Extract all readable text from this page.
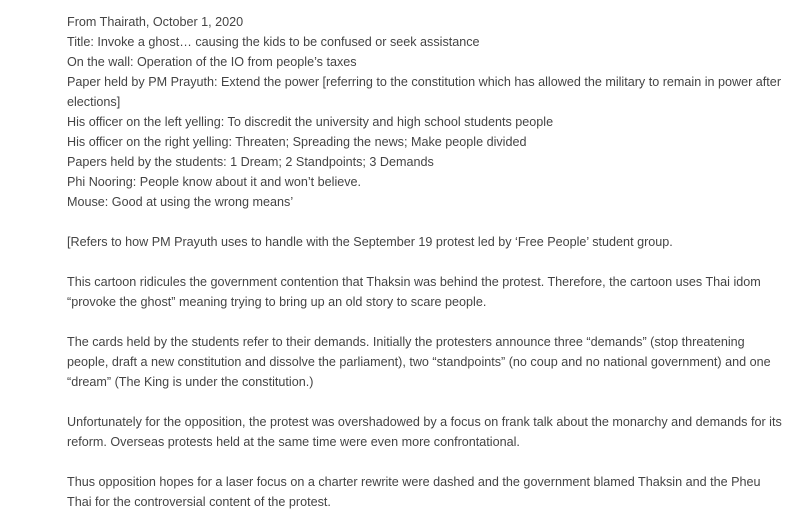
From Thairath, October 1, 2020

Title: Invoke a ghost… causing the kids to be confused or seek assistance

On the wall: Operation of the IO from people’s taxes

Paper held by PM Prayuth: Extend the power [referring to the constitution which has allowed the military to remain in power after elections]

His officer on the left yelling: To discredit the university and high school students people

His officer on the right yelling: Threaten; Spreading the news; Make people divided

Papers held by the students: 1 Dream; 2 Standpoints; 3 Demands

Phi Nooring: People know about it and won’t believe.

Mouse: Good at using the wrong means’

[Refers to how PM Prayuth uses to handle with the September 19 protest led by ‘Free People’ student group.

This cartoon ridicules the government contention that Thaksin was behind the protest. Therefore, the cartoon uses Thai idom “provoke the ghost” meaning trying to bring up an old story to scare people.

The cards held by the students refer to their demands. Initially the protesters announce three “demands” (stop threatening people, draft a new constitution and dissolve the parliament), two “standpoints” (no coup and no national government) and one “dream” (The King is under the constitution.)

Unfortunately for the opposition, the protest was overshadowed by a focus on frank talk about the monarchy and demands for its reform. Overseas protests held at the same time were even more confrontational.

Thus opposition hopes for a laser focus on a charter rewrite were dashed and the government blamed Thaksin and the Pheu Thai for the controversial content of the protest.
